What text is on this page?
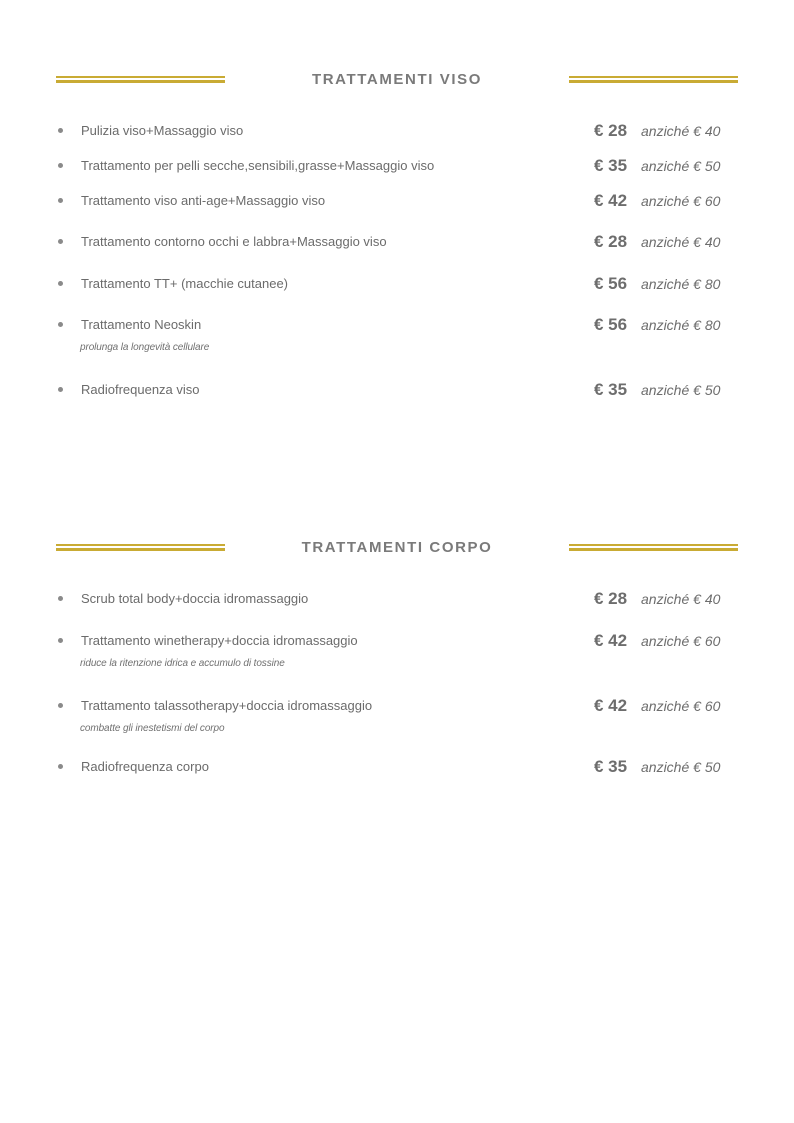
TRATTAMENTI VISO
Pulizia viso+Massaggio viso	€ 28 anziché € 40
Trattamento per pelli secche,sensibili,grasse+Massaggio viso	€ 35 anziché € 50
Trattamento viso anti-age+Massaggio viso	€ 42 anziché € 60
Trattamento contorno occhi e labbra+Massaggio viso	€ 28 anziché € 40
Trattamento TT+ (macchie cutanee)	€ 56 anziché € 80
Trattamento Neoskin	€ 56 anziché € 80
prolunga la longevità cellulare
Radiofrequenza viso	€ 35 anziché € 50
TRATTAMENTI CORPO
Scrub total body+doccia idromassaggio	€ 28 anziché € 40
Trattamento winetherapy+doccia idromassaggio	€ 42 anziché € 60
riduce la ritenzione idrica e accumulo di tossine
Trattamento talassotherapy+doccia idromassaggio	€ 42 anziché € 60
combatte gli inestetismi del corpo
Radiofrequenza corpo	€ 35 anziché € 50
